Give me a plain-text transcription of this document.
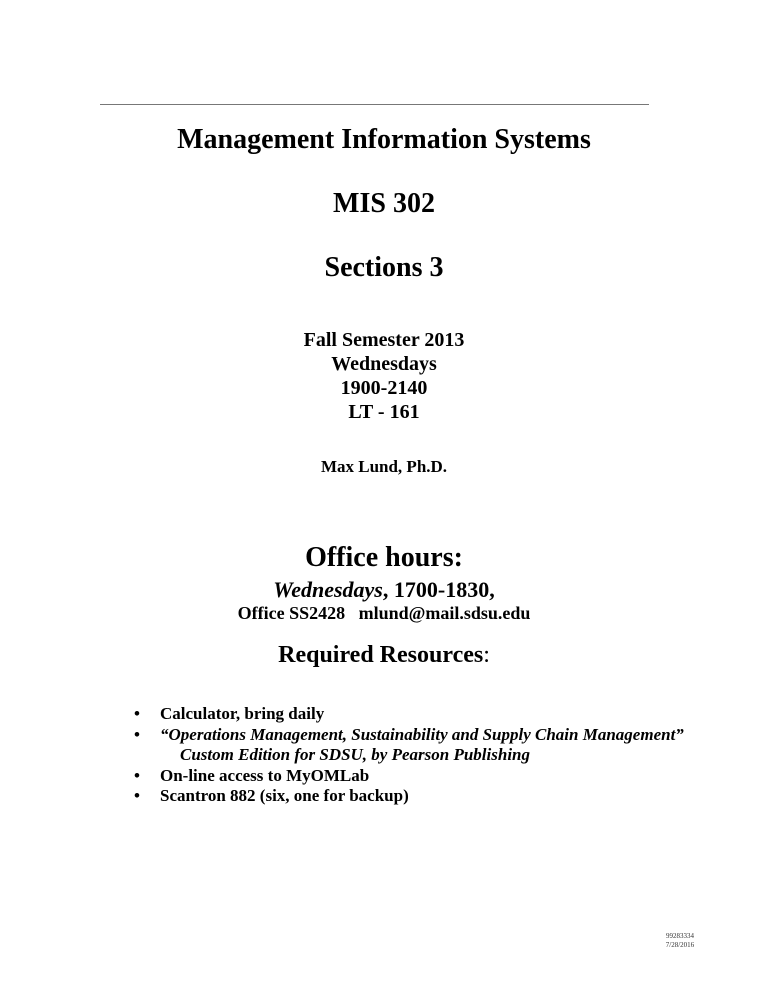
Management Information Systems
MIS 302
Sections 3
Fall Semester 2013
Wednesdays
1900-2140
LT - 161
Max Lund, Ph.D.
Office hours:
Wednesdays, 1700-1830,
Office SS2428 mlund@mail.sdsu.edu
Required Resources:
• Calculator, bring daily
• “Operations Management, Sustainability and Supply Chain Management”
Custom Edition for SDSU, by Pearson Publishing
• On-line access to MyOMLab
• Scantron 882 (six, one for backup)
99283334
7/28/2016
